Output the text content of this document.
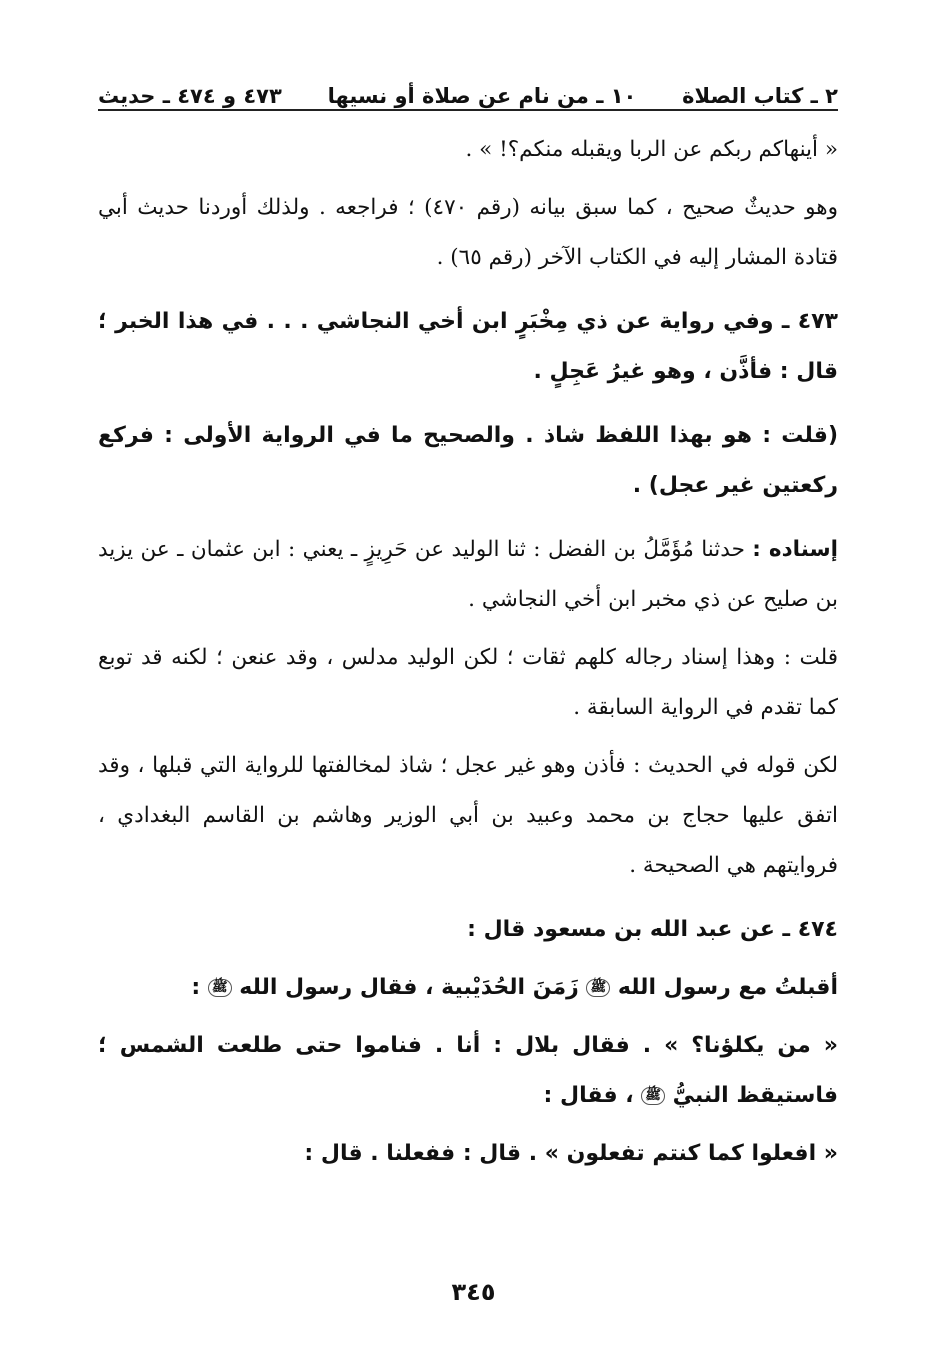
٢ ـ كتاب الصلاة
١٠ ـ من نام عن صلاة أو نسيها
٤٧٣ و ٤٧٤ ـ حديث

« أينهاكم ربكم عن الربا ويقبله منكم؟! » .

وهو حديثٌ صحيح ، كما سبق بيانه (رقم ٤٧٠) ؛ فراجعه . ولذلك أوردنا حديث أبي قتادة المشار إليه في الكتاب الآخر (رقم ٦٥) .

٤٧٣ ـ وفي رواية عن ذي مِخْبَرٍ ابن أخي النجاشي . . . في هذا الخبر ؛ قال : فأذَّن ، وهو غيرُ عَجِلٍ .

(قلت : هو بهذا اللفظ شاذ . والصحيح ما في الرواية الأولى : فركع ركعتين غير عجل) .

إسناده : حدثنا مُؤَمَّلُ بن الفضل : ثنا الوليد عن حَرِيزٍ ـ يعني : ابن عثمان ـ عن يزيد بن صليح عن ذي مخبر ابن أخي النجاشي .

قلت : وهذا إسناد رجاله كلهم ثقات ؛ لكن الوليد مدلس ، وقد عنعن ؛ لكنه قد توبع كما تقدم في الرواية السابقة .

لكن قوله في الحديث : فأذن وهو غير عجل ؛ شاذ لمخالفتها للرواية التي قبلها ، وقد اتفق عليها حجاج بن محمد وعبيد بن أبي الوزير وهاشم بن القاسم البغدادي ، فروايتهم هي الصحيحة .

٤٧٤ ـ عن عبد الله بن مسعود قال :

أقبلتُ مع رسول الله ﷺ زَمَنَ الحُدَيْبية ، فقال رسول الله ﷺ :

« من يكلؤنا؟ » . فقال بلال : أنا . فناموا حتى طلعت الشمس ؛ فاستيقظ النبيُّ ﷺ ، فقال :

« افعلوا كما كنتم تفعلون » . قال : ففعلنا . قال :

٣٤٥
